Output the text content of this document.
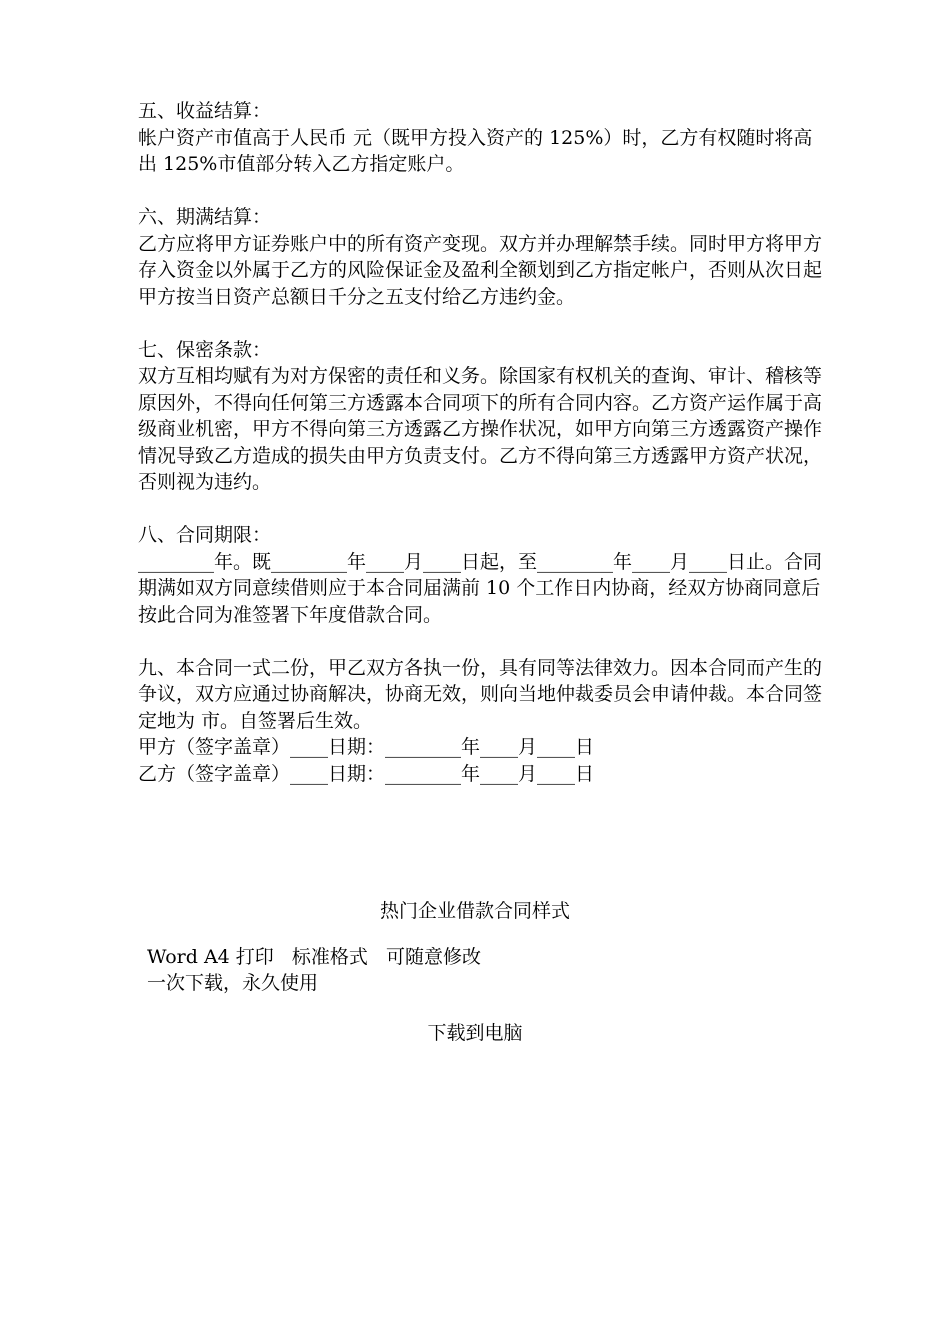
五、收益结算：

帐户资产市值高于人民币 元（既甲方投入资产的 125%）时，乙方有权随时将高出 125%市值部分转入乙方指定账户。

六、期满结算：

乙方应将甲方证券账户中的所有资产变现。双方并办理解禁手续。同时甲方将甲方存入资金以外属于乙方的风险保证金及盈利全额划到乙方指定帐户，否则从次日起甲方按当日资产总额日千分之五支付给乙方违约金。

七、保密条款：

双方互相均赋有为对方保密的责任和义务。除国家有权机关的查询、审计、稽核等原因外，不得向任何第三方透露本合同项下的所有合同内容。乙方资产运作属于高级商业机密，甲方不得向第三方透露乙方操作状况，如甲方向第三方透露资产操作情况导致乙方造成的损失由甲方负责支付。乙方不得向第三方透露甲方资产状况，否则视为违约。

八、合同期限：

________年。既________年____月____日起，至________年____月____日止。合同期满如双方同意续借则应于本合同届满前 10 个工作日内协商，经双方协商同意后按此合同为准签署下年度借款合同。

九、本合同一式二份，甲乙双方各执一份，具有同等法律效力。因本合同而产生的争议，双方应通过协商解决，协商无效，则向当地仲裁委员会申请仲裁。本合同签定地为 市。自签署后生效。

甲方（签字盖章）____日期：________年____月____日

乙方（签字盖章）____日期：________年____月____日

热门企业借款合同样式

Word A4 打印   标准格式   可随意修改

一次下载，永久使用

下载到电脑
